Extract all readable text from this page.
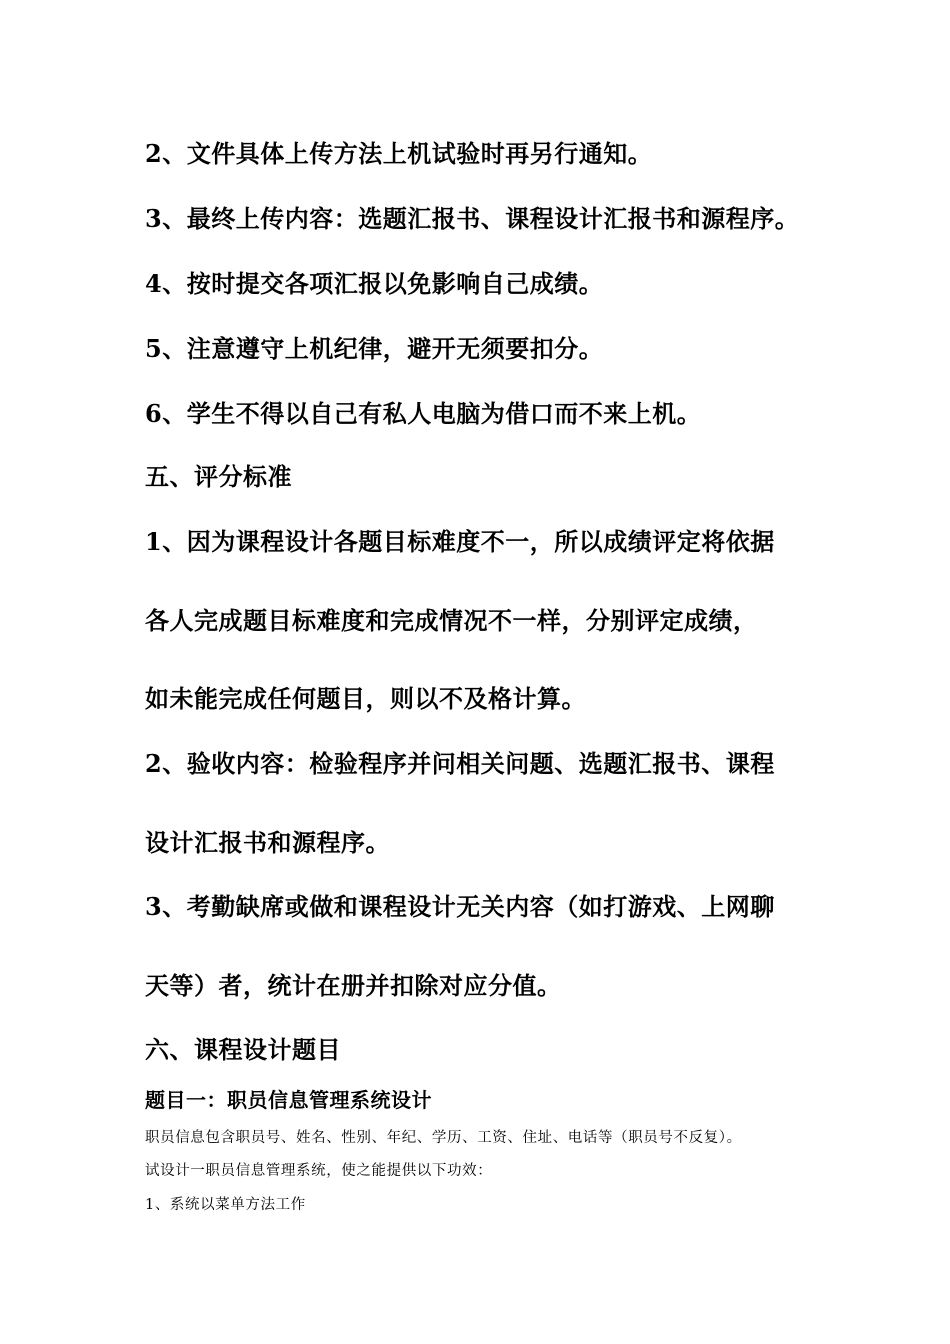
2、文件具体上传方法上机试验时再另行通知。

3、最终上传内容：选题汇报书、课程设计汇报书和源程序。

4、按时提交各项汇报以免影响自己成绩。

5、注意遵守上机纪律，避开无须要扣分。

6、学生不得以自己有私人电脑为借口而不来上机。

五、评分标准

1、因为课程设计各题目标难度不一，所以成绩评定将依据

各人完成题目标难度和完成情况不一样，分别评定成绩，

如未能完成任何题目，则以不及格计算。

2、验收内容：检验程序并问相关问题、选题汇报书、课程

设计汇报书和源程序。

3、考勤缺席或做和课程设计无关内容（如打游戏、上网聊

天等）者，统计在册并扣除对应分值。

六、课程设计题目

题目一：职员信息管理系统设计

职员信息包含职员号、姓名、性别、年纪、学历、工资、住址、电话等（职员号不反复）。

试设计一职员信息管理系统，使之能提供以下功效：

1、系统以菜单方法工作
